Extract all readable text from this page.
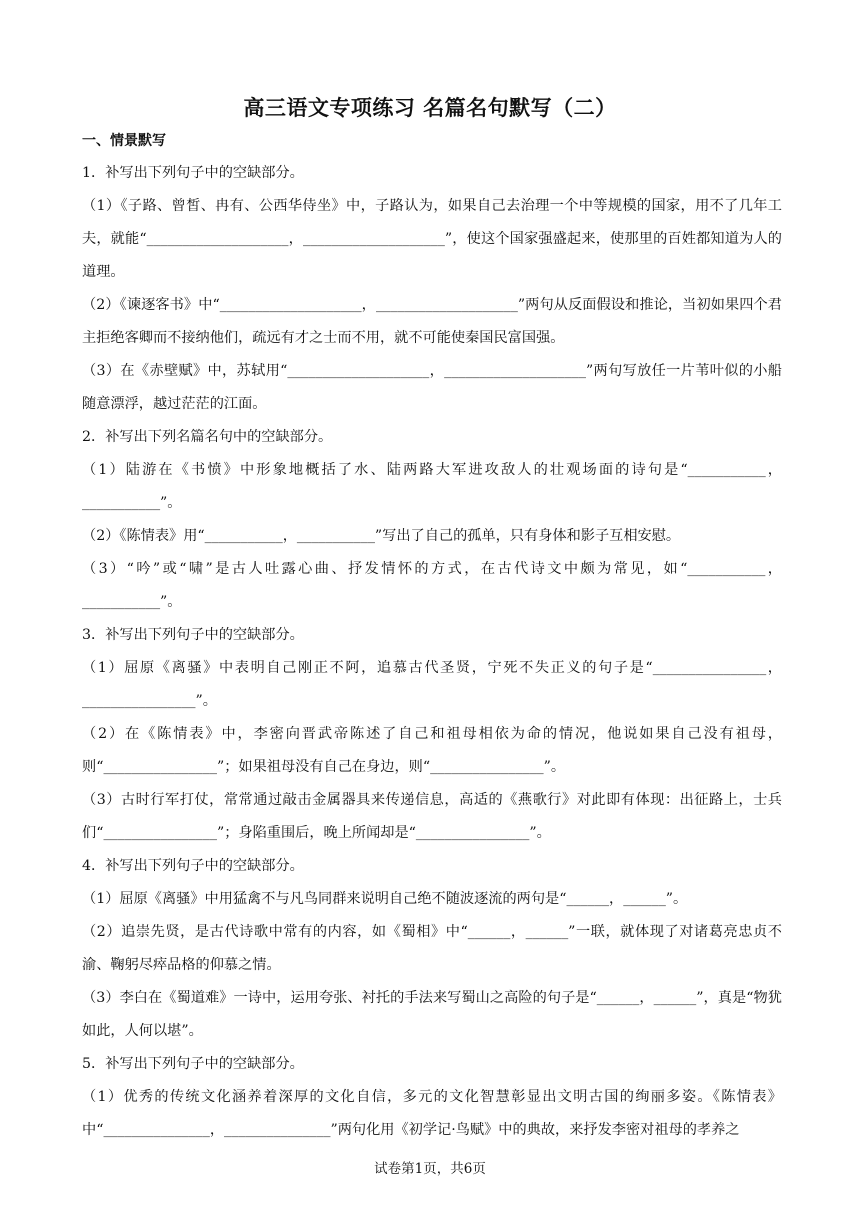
高三语文专项练习 名篇名句默写（二）
一、情景默写

1．补写出下列句子中的空缺部分。

（1）《子路、曾皙、冉有、公西华侍坐》中，子路认为，如果自己去治理一个中等规模的国家，用不了几年工夫，就能“____________________，____________________”，使这个国家强盛起来，使那里的百姓都知道为人的道理。

（2）《谏逐客书》中“____________________，____________________”两句从反面假设和推论，当初如果四个君主拒绝客卿而不接纳他们，疏远有才之士而不用，就不可能使秦国民富国强。

（3）在《赤壁赋》中，苏轼用“____________________，____________________”两句写放任一片苇叶似的小船随意漂浮，越过茫茫的江面。

2．补写出下列名篇名句中的空缺部分。

（1）陆游在《书愤》中形象地概括了水、陆两路大军进攻敌人的壮观场面的诗句是“___________，___________”。

（2）《陈情表》用“___________，___________”写出了自己的孤单，只有身体和影子互相安慰。

（3）“吟”或“啸”是古人吐露心曲、抒发情怀的方式，在古代诗文中颇为常见，如“___________，___________”。

3．补写出下列句子中的空缺部分。

（1）屈原《离骚》中表明自己刚正不阿，追慕古代圣贤，宁死不失正义的句子是“________________，________________”。

（2）在《陈情表》中，李密向晋武帝陈述了自己和祖母相依为命的情况，他说如果自己没有祖母，则“________________”；如果祖母没有自己在身边，则“________________”。

（3）古时行军打仗，常常通过敲击金属器具来传递信息，高适的《燕歌行》对此即有体现：出征路上，士兵们“________________”；身陷重围后，晚上所闻却是“________________”。

4．补写出下列句子中的空缺部分。

（1）屈原《离骚》中用猛禽不与凡鸟同群来说明自己绝不随波逐流的两句是“______，______”。

（2）追崇先贤，是古代诗歌中常有的内容，如《蜀相》中“______，______”一联，就体现了对诸葛亮忠贞不渝、鞠躬尽瘁品格的仰慕之情。

（3）李白在《蜀道难》一诗中，运用夸张、衬托的手法来写蜀山之高险的句子是“______，______”，真是“物犹如此，人何以堪”。

5．补写出下列句子中的空缺部分。

（1）优秀的传统文化涵养着深厚的文化自信，多元的文化智慧彰显出文明古国的绚丽多姿。《陈情表》中“_______________，_______________”两句化用《初学记·鸟赋》中的典故，来抒发李密对祖母的孝养之

试卷第1页，共6页
